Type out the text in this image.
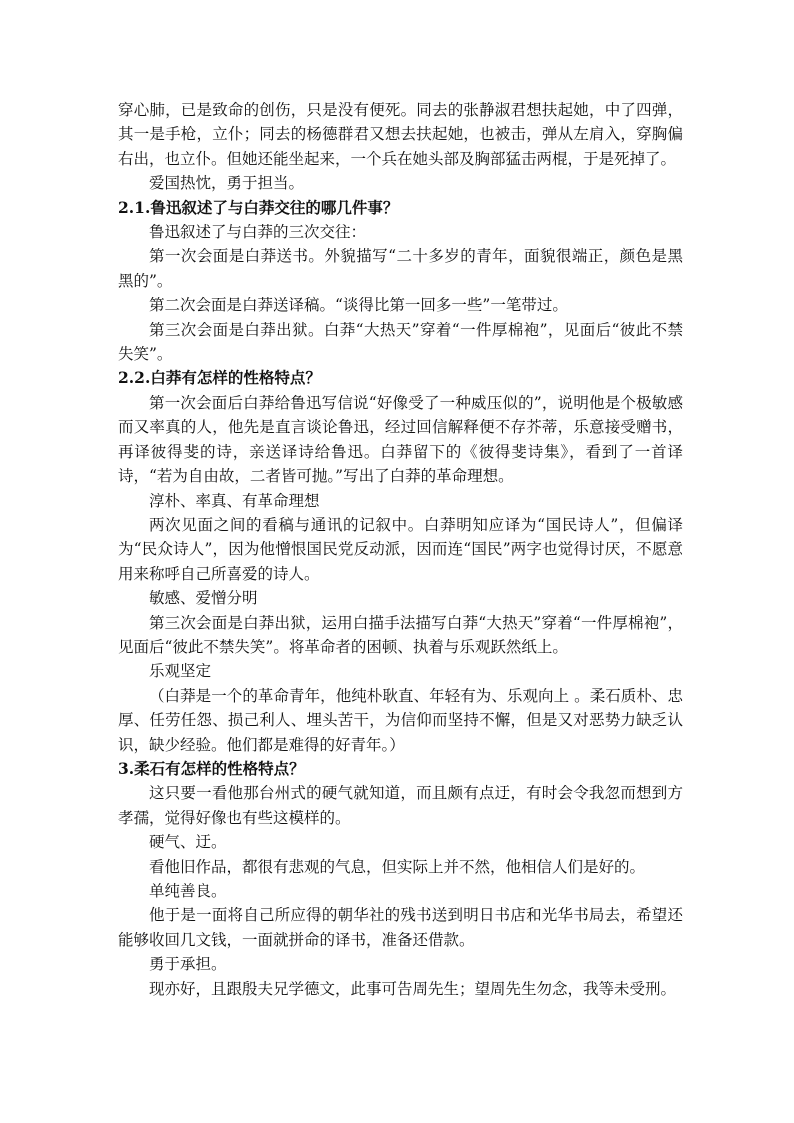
穿心肺，已是致命的创伤，只是没有便死。同去的张静淑君想扶起她，中了四弹，其一是手枪，立仆；同去的杨德群君又想去扶起她，也被击，弹从左肩入，穿胸偏右出，也立仆。但她还能坐起来，一个兵在她头部及胸部猛击两棍，于是死掉了。

爱国热忱，勇于担当。

2.1.鲁迅叙述了与白莽交往的哪几件事？

鲁迅叙述了与白莽的三次交往：

第一次会面是白莽送书。外貌描写“二十多岁的青年，面貌很端正，颜色是黑黑的”。

第二次会面是白莽送译稿。“谈得比第一回多一些”一笔带过。

第三次会面是白莽出狱。白莽“大热天”穿着“一件厚棉袍”，见面后“彼此不禁失笑”。

2.2.白莽有怎样的性格特点？

第一次会面后白莽给鲁迅写信说“好像受了一种威压似的”，说明他是个极敏感而又率真的人，他先是直言谈论鲁迅，经过回信解释便不存芥蒂，乐意接受赠书，再译彼得斐的诗，亲送译诗给鲁迅。白莽留下的《彼得斐诗集》，看到了一首译诗，“若为自由故，二者皆可抛。”写出了白莽的革命理想。

淳朴、率真、有革命理想

两次见面之间的看稿与通讯的记叙中。白莽明知应译为“国民诗人”，但偏译为“民众诗人”，因为他憎恨国民党反动派，因而连“国民”两字也觉得讨厌，不愿意用来称呼自己所喜爱的诗人。

敏感、爱憎分明

第三次会面是白莽出狱，运用白描手法描写白莽“大热天”穿着“一件厚棉袍”，见面后“彼此不禁失笑”。将革命者的困顿、执着与乐观跃然纸上。

乐观坚定

（白莽是一个的革命青年，他纯朴耿直、年轻有为、乐观向上 。柔石质朴、忠厚、任劳任怨、损己利人、埋头苦干，为信仰而坚持不懈，但是又对恶势力缺乏认识，缺少经验。他们都是难得的好青年。）

3.柔石有怎样的性格特点？

这只要一看他那台州式的硬气就知道，而且颇有点迂，有时会令我忽而想到方孝孺，觉得好像也有些这模样的。

硬气、迂。

看他旧作品，都很有悲观的气息，但实际上并不然，他相信人们是好的。

单纯善良。

他于是一面将自己所应得的朝华社的残书送到明日书店和光华书局去，希望还能够收回几文钱，一面就拼命的译书，准备还借款。

勇于承担。

现亦好，且跟殷夫兄学德文，此事可告周先生；望周先生勿念，我等未受刑。
